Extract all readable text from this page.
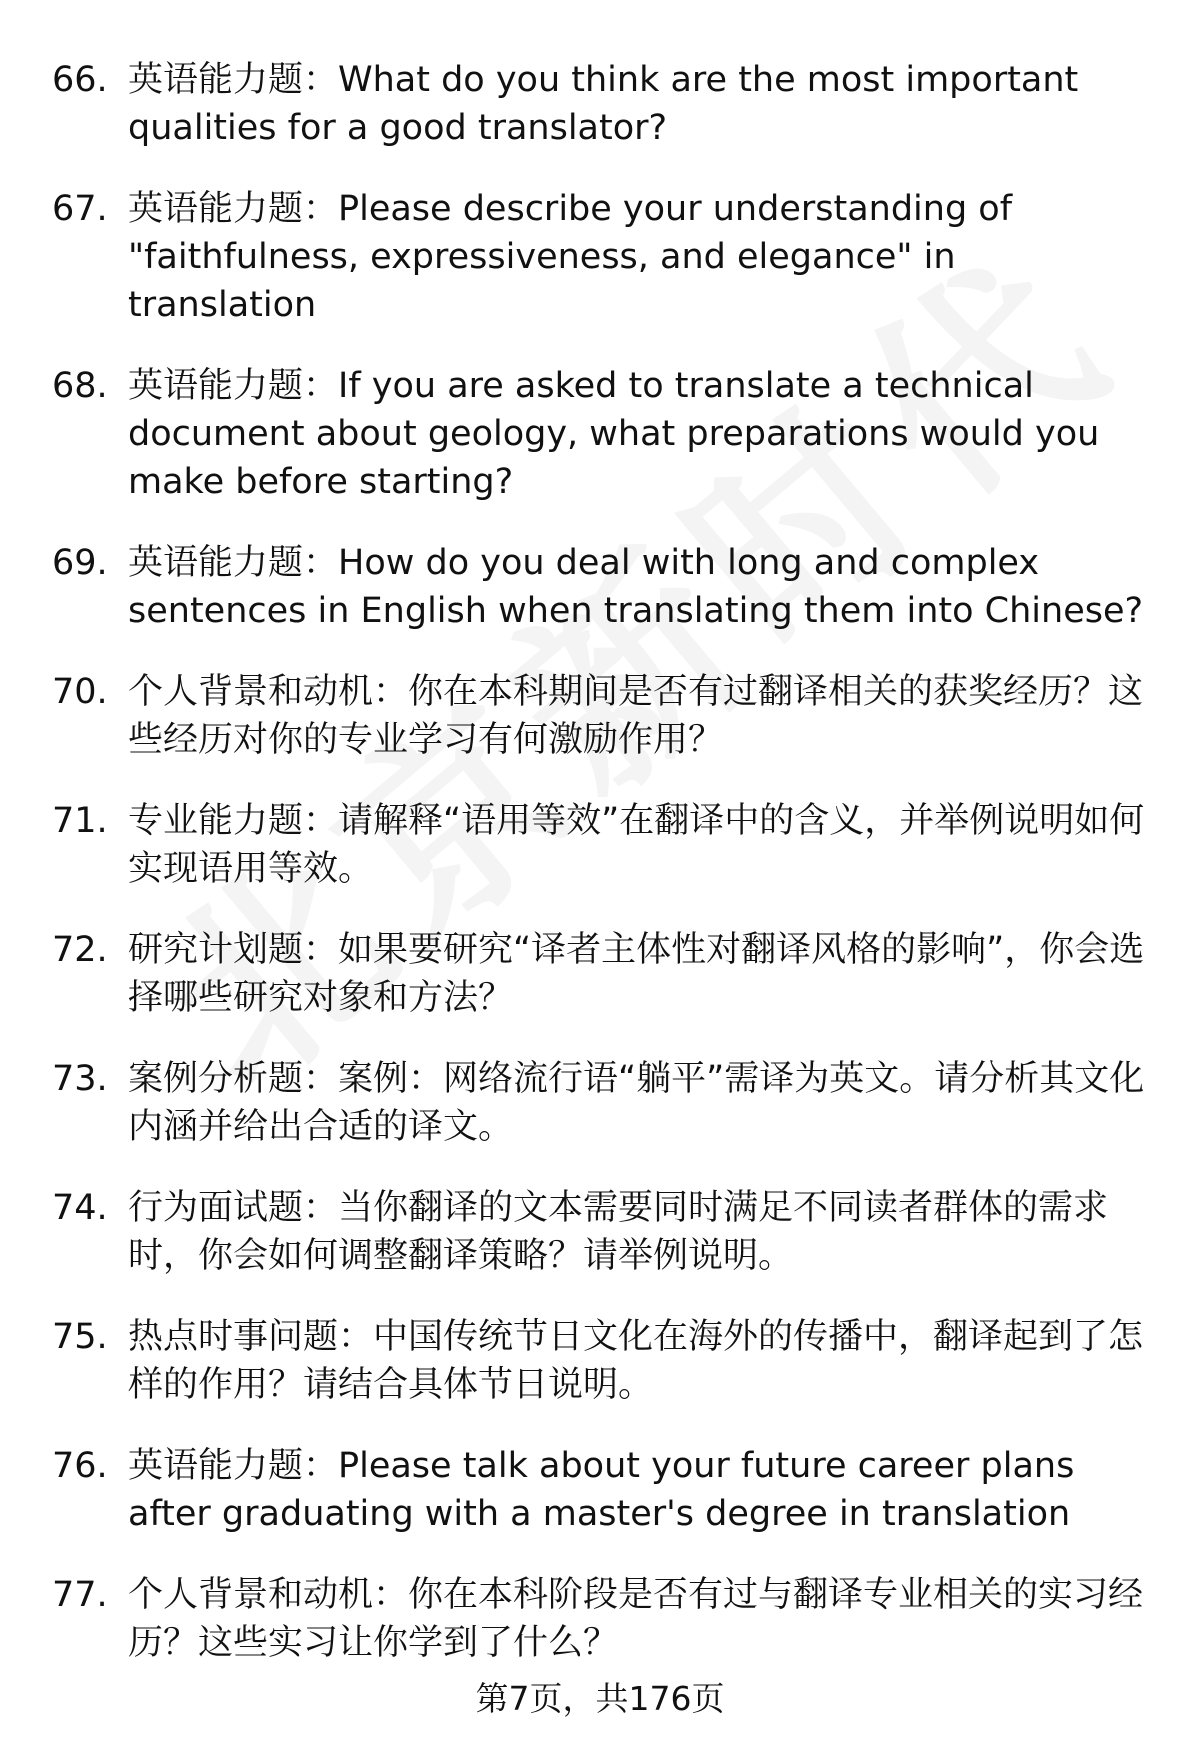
66. 英语能力题：What do you think are the most important qualities for a good translator?
67. 英语能力题：Please describe your understanding of "faithfulness, expressiveness, and elegance" in translation
68. 英语能力题：If you are asked to translate a technical document about geology, what preparations would you make before starting?
69. 英语能力题：How do you deal with long and complex sentences in English when translating them into Chinese?
70. 个人背景和动机：你在本科期间是否有过翻译相关的获奖经历？这些经历对你的专业学习有何激励作用？
71. 专业能力题：请解释“语用等效”在翻译中的含义，并举例说明如何实现语用等效。
72. 研究计划题：如果要研究“译者主体性对翻译风格的影响”，你会选择哪些研究对象和方法？
73. 案例分析题：案例：网络流行语“躺平”需译为英文。请分析其文化内涵并给出合适的译文。
74. 行为面试题：当你翻译的文本需要同时满足不同读者群体的需求时，你会如何调整翻译策略？请举例说明。
75. 热点时事问题：中国传统节日文化在海外的传播中，翻译起到了怎样的作用？请结合具体节日说明。
76. 英语能力题：Please talk about your future career plans after graduating with a master's degree in translation
77. 个人背景和动机：你在本科阶段是否有过与翻译专业相关的实习经历？这些实习让你学到了什么？
第7页，共176页
